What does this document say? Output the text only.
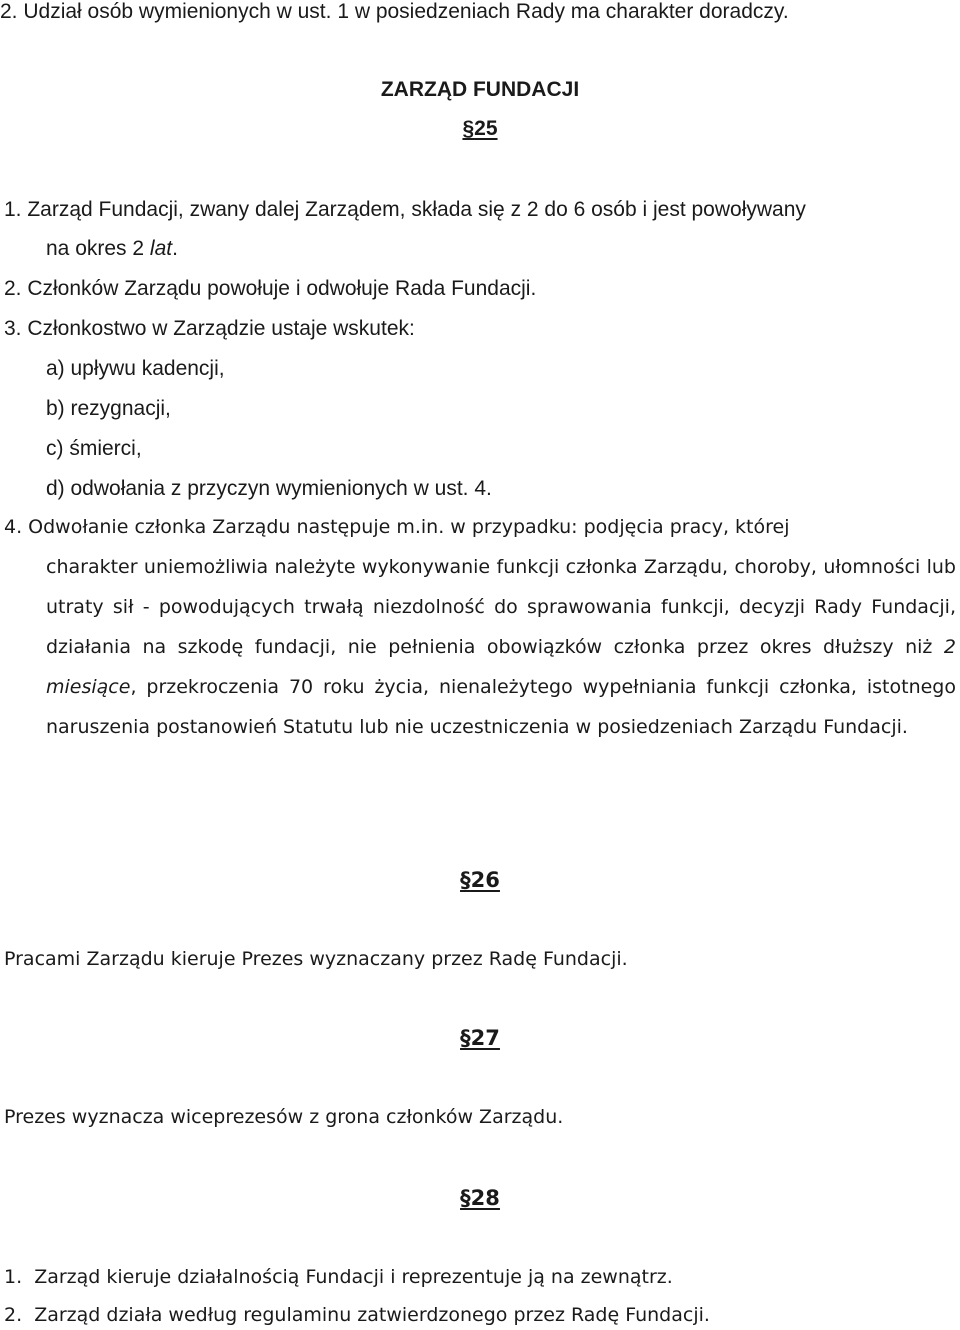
2. Udział osób wymienionych w ust. 1 w posiedzeniach Rady ma charakter doradczy.
ZARZĄD FUNDACJI
§25
1. Zarząd Fundacji, zwany dalej Zarządem, składa się z 2 do 6 osób i jest powoływany
na okres 2 lat.
2. Członków Zarządu powołuje i odwołuje Rada Fundacji.
3. Członkostwo w Zarządzie ustaje wskutek:
a) upływu kadencji,
b) rezygnacji,
c) śmierci,
d) odwołania z przyczyn wymienionych w ust. 4.
4. Odwołanie członka Zarządu następuje m.in. w przypadku: podjęcia pracy, której
charakter uniemożliwia należyte wykonywanie funkcji członka Zarządu, choroby, ułomności lub utraty sił - powodujących trwałą niezdolność do sprawowania funkcji, decyzji Rady Fundacji, działania na szkodę fundacji, nie pełnienia obowiązków członka przez okres dłuższy niż 2 miesiące, przekroczenia 70 roku życia, nienależytego wypełniania funkcji członka, istotnego naruszenia postanowień Statutu lub nie uczestniczenia w posiedzeniach Zarządu Fundacji.
§26
Pracami Zarządu kieruje Prezes wyznaczany przez Radę Fundacji.
§27
Prezes wyznacza wiceprezesów z grona członków Zarządu.
§28
1.  Zarząd kieruje działalnością Fundacji i reprezentuje ją na zewnątrz.
2.  Zarząd działa według regulaminu zatwierdzonego przez Radę Fundacji.
